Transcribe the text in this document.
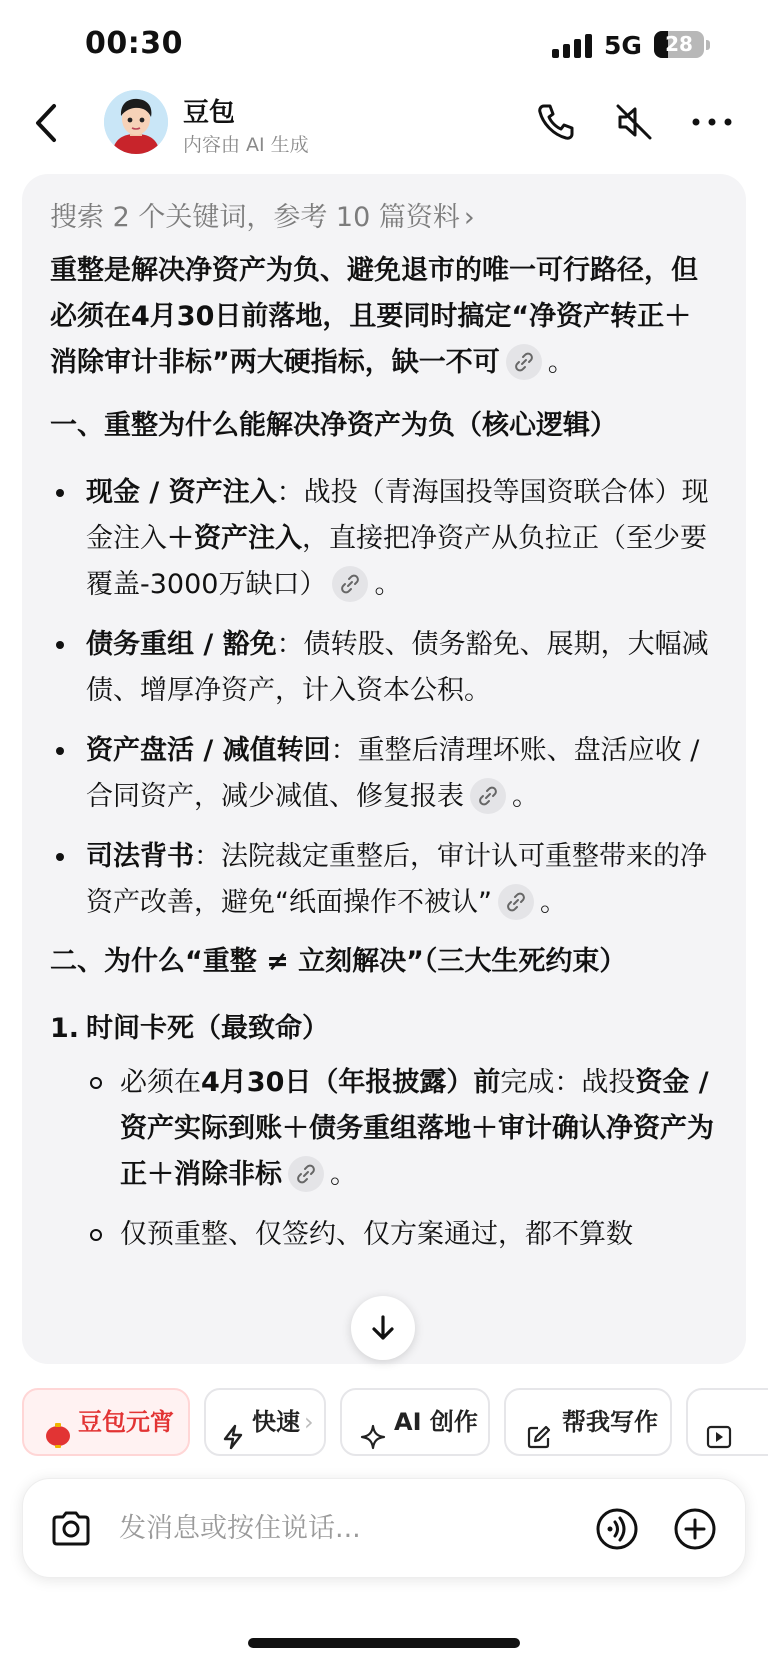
00:30	5G	28
豆包
内容由 AI 生成
搜索 2 个关键词，参考 10 篇资料 ›

重整是解决净资产为负、避免退市的唯一可行路径，但必须在4月30日前落地，且要同时搞定“净资产转正＋消除审计非标”两大硬指标，缺一不可 。

一、重整为什么能解决净资产为负（核心逻辑）
现金 / 资产注入：战投（青海国投等国资联合体）现金注入＋资产注入，直接把净资产从负拉正（至少要覆盖-3000万缺口） 。
债务重组 / 豁免：债转股、债务豁免、展期，大幅减债、增厚净资产，计入资本公积。
资产盘活 / 减值转回：重整后清理坏账、盘活应收 / 合同资产，减少减值、修复报表 。
司法背书：法院裁定重整后，审计认可重整带来的净资产改善，避免“纸面操作不被认” 。
二、为什么“重整 ≠ 立刻解决”（三大生死约束）
1. 时间卡死（最致命）
必须在4月30日（年报披露）前完成：战投资金 / 资产实际到账＋债务重组落地＋审计确认净资产为正＋消除非标 。
仅预重整、仅签约、仅方案通过，都不算数
豆包元宵	快速 ›	AI 创作	帮我写作
发消息或按住说话...
